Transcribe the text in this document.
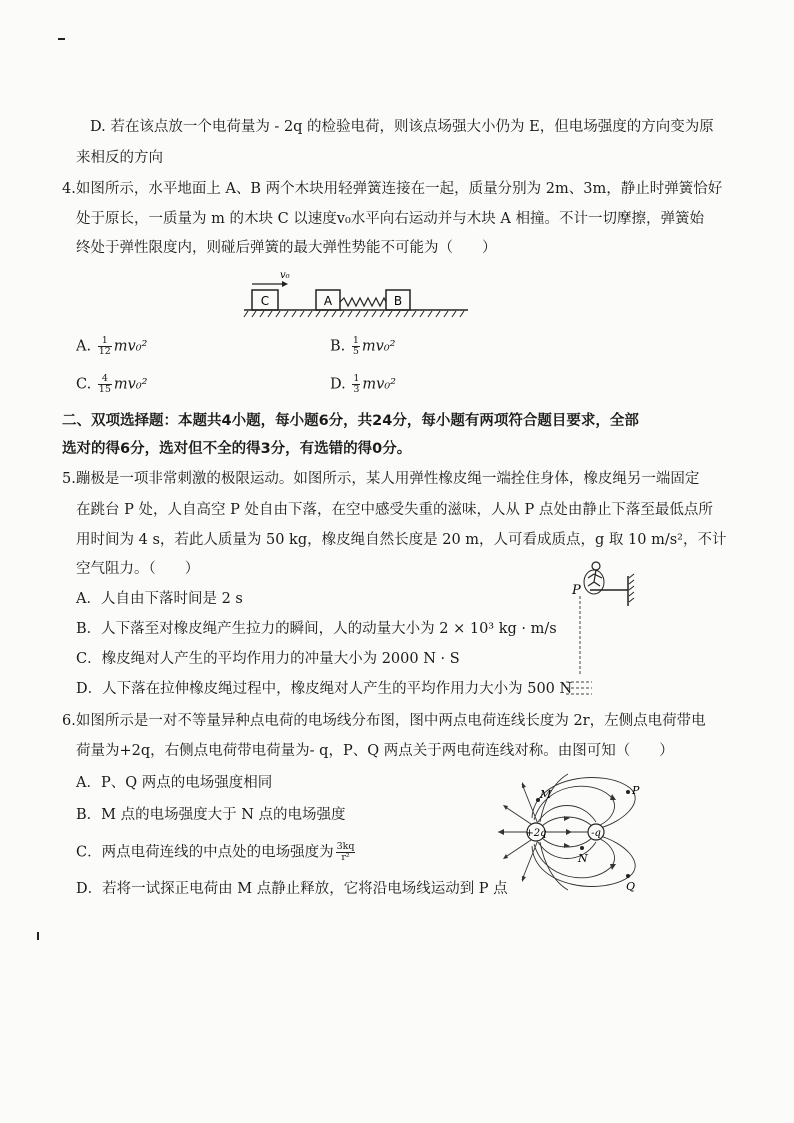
D. 若在该点放一个电荷量为 - 2q 的检验电荷，则该点场强大小仍为 E，但电场强度的方向变为原
来相反的方向
4.如图所示，水平地面上 A、B 两个木块用轻弹簧连接在一起，质量分别为 2m、3m，静止时弹簧恰好
处于原长，一质量为 m 的木块 C 以速度v₀水平向右运动并与木块 A 相撞。不计一切摩擦，弹簧始
终处于弹性限度内，则碰后弹簧的最大弹性势能不可能为（　　）
C
v₀
A	B
A. $\frac{1}{12} mv_0^2$	B. $\frac{1}{5} mv_0^2$
C. $\frac{4}{15} mv_0^2$	D. $\frac{1}{3} mv_0^2$
二、双项选择题：本题共4小题，每小题6分，共24分，每小题有两项符合题目要求，全部
选对的得6分，选对但不全的得3分，有选错的得0分。
5.蹦极是一项非常刺激的极限运动。如图所示，某人用弹性橡皮绳一端拴住身体，橡皮绳另一端固定
在跳台 P 处，人自高空 P 处自由下落，在空中感受失重的滋味，人从 P 点处由静止下落至最低点所
用时间为 4 s，若此人质量为 50 kg，橡皮绳自然长度是 20 m，人可看成质点，g 取 10 m/s²，不计
空气阻力。（　　）
P
A．人自由下落时间是 2 s
B．人下落至对橡皮绳产生拉力的瞬间，人的动量大小为 2 × 10³ kg · m/s
C．橡皮绳对人产生的平均作用力的冲量大小为 2000 N · S
D．人下落在拉伸橡皮绳过程中，橡皮绳对人产生的平均作用力大小为 500 N
6.如图所示是一对不等量异种点电荷的电场线分布图，图中两点电荷连线长度为 2r，左侧点电荷带电
荷量为+2q，右侧点电荷带电荷量为- q，P、Q 两点关于两电荷连线对称。由图可知（　　）
A．P、Q 两点的电场强度相同
B．M 点的电场强度大于 N 点的电场强度
C．两点电荷连线的中点处的电场强度为 $\frac{3kq}{\text{r²}}$
D．若将一试探正电荷由 M 点静止释放，它将沿电场线运动到 P 点
+2q	-q
M
N
P
Q
